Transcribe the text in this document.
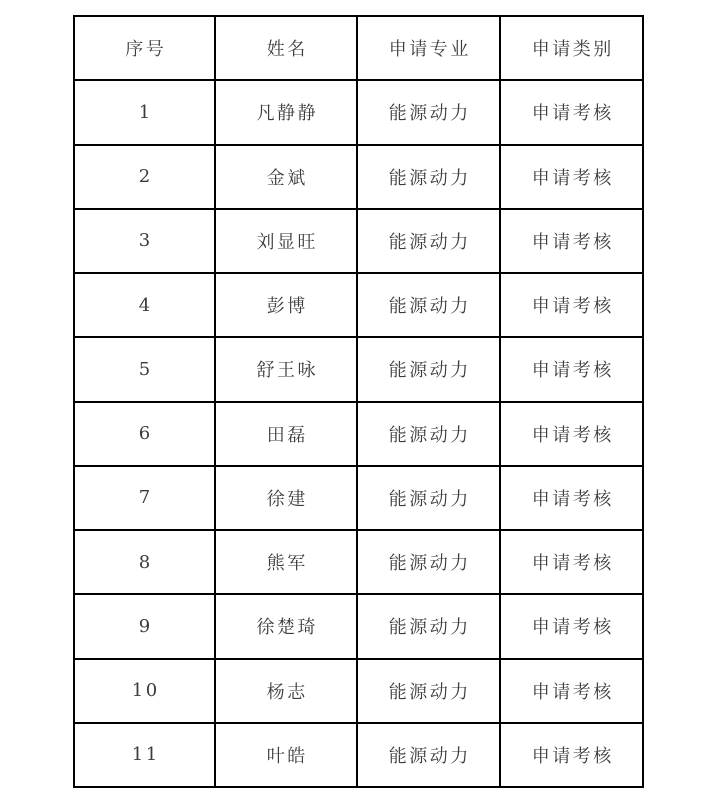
序号	姓名	申请专业	申请类别
1	凡静静	能源动力	申请考核
2	金斌	能源动力	申请考核
3	刘显旺	能源动力	申请考核
4	彭博	能源动力	申请考核
5	舒王咏	能源动力	申请考核
6	田磊	能源动力	申请考核
7	徐建	能源动力	申请考核
8	熊军	能源动力	申请考核
9	徐楚琦	能源动力	申请考核
10	杨志	能源动力	申请考核
11	叶皓	能源动力	申请考核
